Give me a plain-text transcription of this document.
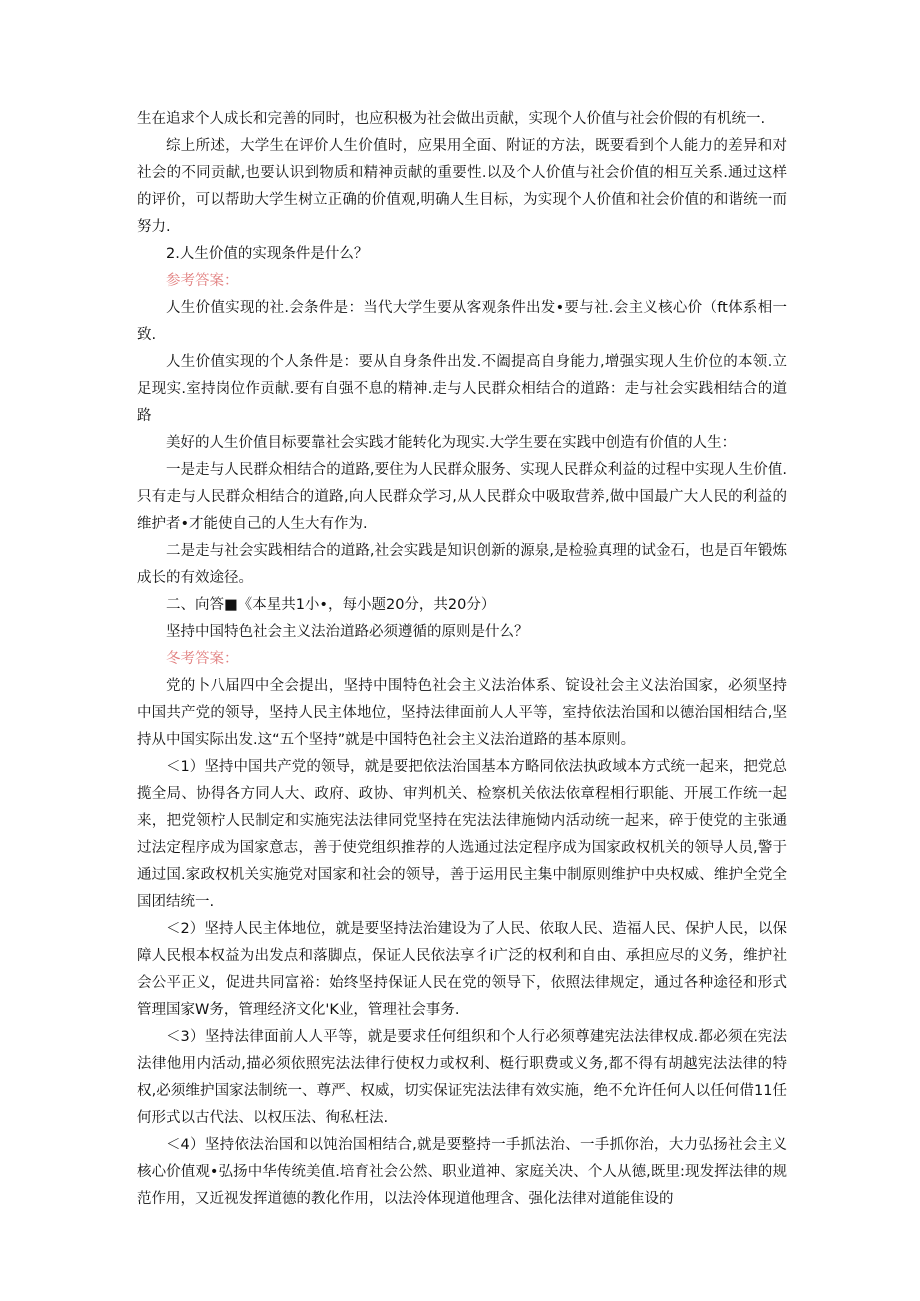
生在追求个人成长和完善的同时，也应积极为社会做出贡献，实现个人价值与社会价假的有机统一.

综上所述，大学生在评价人生价值时，应果用全面、附证的方法，既要看到个人能力的差异和对社会的不同贡献,也要认识到物质和精神贡献的重要性.以及个人价值与社会价值的相互关系.通过这样的评价，可以帮助大学生树立正确的价值观,明确人生目标，为实现个人价值和社会价值的和谐统一而努力.

2.人生价值的实现条件是什么？

参考答案：

人生价值实现的社.会条件是：当代大学生要从客观条件出发•要与社.会主义核心价（ft体系相一致.

人生价值实现的个人条件是：要从自身条件出发.不阖提高自身能力,增强实现人生价位的本领.立足现实.室持岗位作贡献.要有自强不息的精神.走与人民群众相结合的道路：走与社会实践相结合的道路

美好的人生价值目标要靠社会实践才能转化为现实.大学生要在实践中创造有价值的人生：

一是走与人民群众相结合的道路,要住为人民群众服务、实现人民群众利益的过程中实现人生价值.只有走与人民群众相结合的道路,向人民群众学习,从人民群众中吸取营养,做中国最广大人民的利益的维护者•才能使自己的人生大有作为.

二是走与社会实践相结合的道路,社会实践是知识创新的源泉,是检验真理的试金石，也是百年锻炼成长的有效途径。

二、向答■《本星共1小•，每小题20分，共20分）

坚持中国特色社会主义法治道路必须遵循的原则是什么？

冬考答案：

党的卜八届四中全会提出，坚持中围特色社会主义法治体系、锭设社会主义法治国家，必须坚持中国共产党的领导，坚持人民主体地位，坚持法律面前人人平等，室持依法治国和以德治国相结合,坚持从中国实际出发.这“五个坚持”就是中国特色社会主义法治道路的基本原则。

＜1）坚持中国共产党的领导，就是要把依法治国基本方略同依法执政域本方式统一起来，把党总揽全局、协得各方同人大、政府、政协、审判机关、检察机关依法依章程相行职能、开展工作统一起来，把党领柠人民制定和实施宪法法律同党坚持在宪法法律施恸内活动统一起来，碎于使党的主张通过法定程序成为国家意志，善于使党组织推荐的人选通过法定程序成为国家政权机关的领导人员,警于通过国.家政权机关实施党对国家和社会的领导，善于运用民主集中制原则维护中央权威、维护全党全国团结统一.

＜2）坚持人民主体地位，就是要坚持法治建设为了人民、依取人民、造福人民、保护人民，以保障人民根本权益为出发点和落脚点，保证人民依法享彳i广泛的权利和自由、承担应尽的义务，维护社会公平正义，促进共同富裕：始终坚持保证人民在党的领导下，依照法律规定，通过各种途径和形式管理国家W务，管理经济文化'K业，管理社会事务.

＜3）坚持法律面前人人平等，就是要求任何组织和个人行必须尊建宪法法律权成.都必须在宪法法律他用内活动,描必须依照宪法法律行使权力或权利、梃行职费或义务,都不得有胡越宪法法律的特权,必须维护国家法制统一、尊严、权威，切实保证宪法法律有效实施，绝不允许任何人以任何借11任何形式以古代法、以权压法、徇私枉法.

＜4）坚持依法治国和以饨治国相结合,就是要整持一手抓法治、一手抓你治，大力弘扬社会主义核心价值观•弘扬中华传统美值.培育社会公然、职业道神、家庭关决、个人从德,既里:现发挥法律的规范作用，又近视发挥道德的教化作用，以法泠体现道他理含、强化法律对道能隹设的
